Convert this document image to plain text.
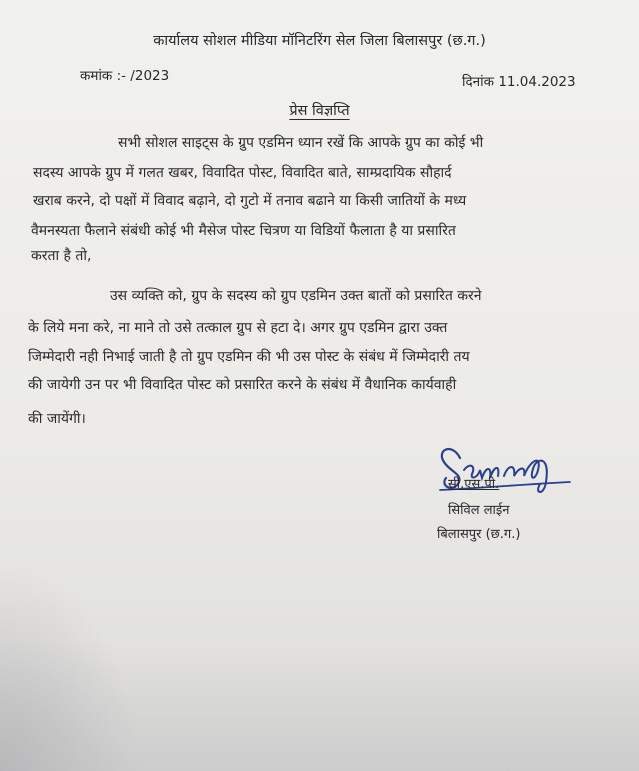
कार्यालय सोशल मीडिया मॉनिटरिंग सेल जिला बिलासपुर (छ.ग.)
कमांक :- /2023	दिनांक 11.04.2023
प्रेस विज्ञप्ति
सभी सोशल साइट्स के ग्रुप एडमिन ध्यान रखें कि आपके ग्रुप का कोई भी
सदस्य आपके ग्रुप में गलत खबर, विवादित पोस्ट, विवादित बाते, साम्प्रदायिक सौहार्द
खराब करने, दो पक्षों में विवाद बढ़ाने, दो गुटो में तनाव बढाने या किसी जातियों के मध्य
वैमनस्यता फैलाने संबंधी कोई भी मैसेज पोस्ट चित्रण या विडियों फैलाता है या प्रसारित
करता है तो,
उस व्यक्ति को, ग्रुप के सदस्य को ग्रुप एडमिन उक्त बातों को प्रसारित करने
के लिये मना करे, ना माने तो उसे तत्काल ग्रुप से हटा दे। अगर ग्रुप एडमिन द्वारा उक्त
जिम्मेदारी नही निभाई जाती है तो ग्रुप एडमिन की भी उस पोस्ट के संबंध में जिम्मेदारी तय
की जायेगी उन पर भी विवादित पोस्ट को प्रसारित करने के संबंध में वैधानिक कार्यवाही
की जायेंगी।
सी.एस.पी.
सिविल लाईन
बिलासपुर (छ.ग.)
